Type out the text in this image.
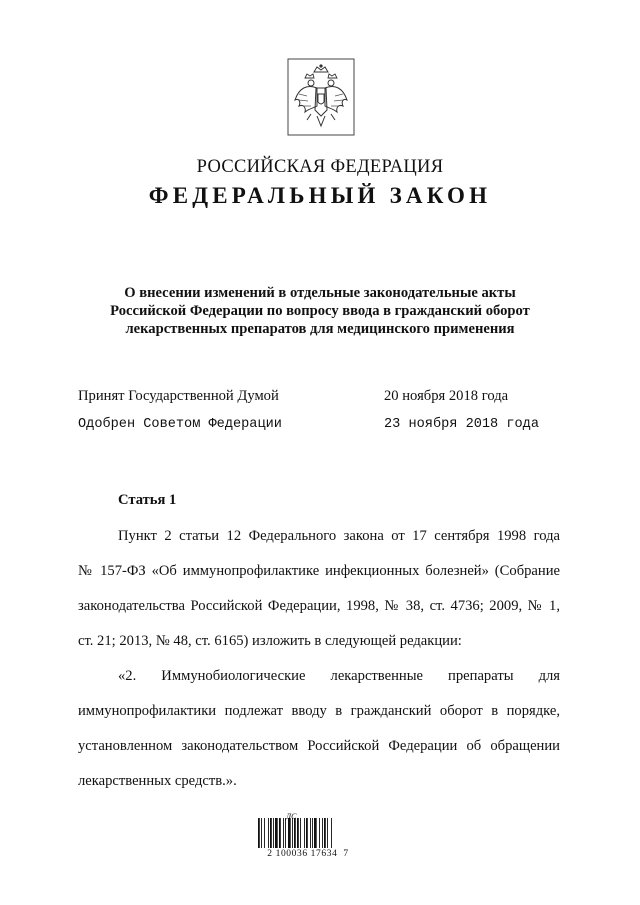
РОССИЙСКАЯ ФЕДЕРАЦИЯ
ФЕДЕРАЛЬНЫЙ ЗАКОН
О внесении изменений в отдельные законодательные акты
Российской Федерации по вопросу ввода в гражданский оборот
лекарственных препаратов для медицинского применения
Принят Государственной Думой	20 ноября 2018 года
Одобрен Советом Федерации	23 ноября 2018 года
Статья 1
Пункт 2 статьи 12 Федерального закона от 17 сентября 1998 года
№ 157-ФЗ «Об иммунопрофилактике инфекционных болезней» (Собрание
законодательства Российской Федерации, 1998, № 38, ст. 4736; 2009, № 1,
ст. 21; 2013, № 48, ст. 6165) изложить в следующей редакции:
«2. Иммунобиологические лекарственные препараты для
иммунопрофилактики подлежат вводу в гражданский оборот в порядке,
установленном законодательством Российской Федерации об обращении
лекарственных средств.».
ДС
2 100036 17634  7
